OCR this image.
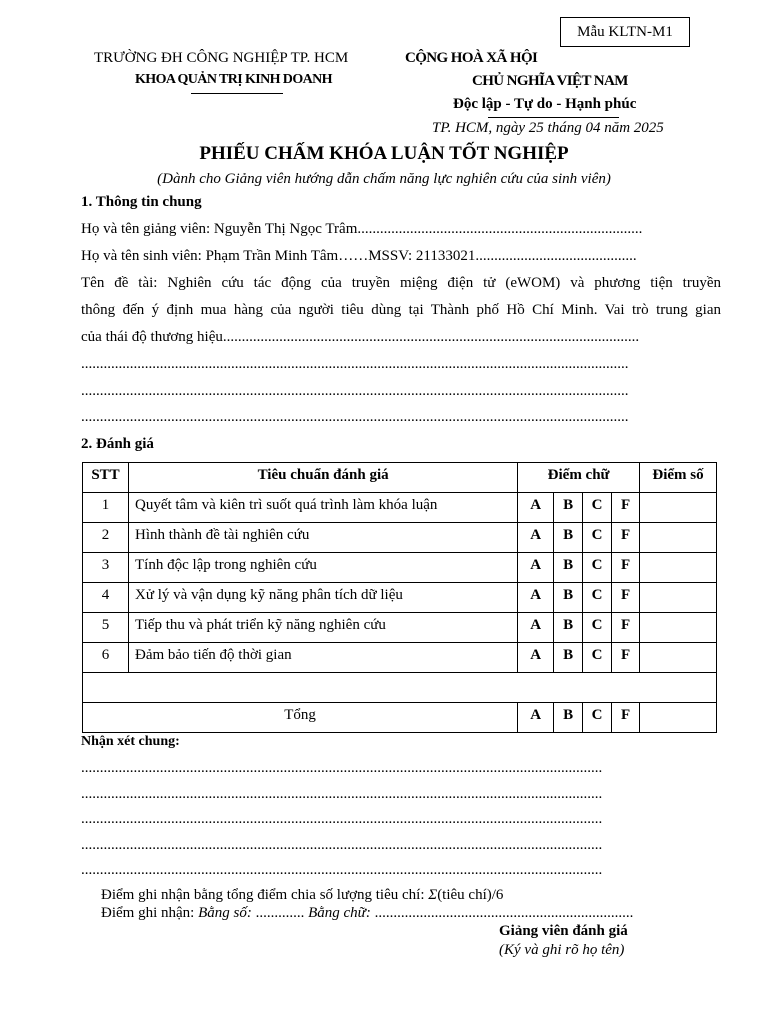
Mẫu KLTN-M1
TRƯỜNG ĐH CÔNG NGHIỆP TP. HCM
KHOA QUẢN TRỊ KINH DOANH
CỘNG HOÀ XÃ HỘI
CHỦ NGHĨA VIỆT NAM
Độc lập - Tự do - Hạnh phúc
TP. HCM, ngày 25 tháng 04 năm 2025
PHIẾU CHẤM KHÓA LUẬN TỐT NGHIỆP
(Dành cho Giảng viên hướng dẫn chấm năng lực nghiên cứu của sinh viên)
1. Thông tin chung
Họ và tên giảng viên: Nguyễn Thị Ngọc Trâm............................................................................
Họ và tên sinh viên: Phạm Trần Minh Tâm……MSSV: 21133021...........................................
Tên đề tài: Nghiên cứu tác động của truyền miệng điện tử (eWOM) và phương tiện truyền
thông đến ý định mua hàng của người tiêu dùng tại Thành phố Hồ Chí Minh. Vai trò trung gian
của thái độ thương hiệu...............................................................................................................
..................................................................................................................................................
..................................................................................................................................................
..................................................................................................................................................
2. Đánh giá
STT	Tiêu chuẩn đánh giá	Điểm chữ				Điểm số
1	Quyết tâm và kiên trì suốt quá trình làm khóa luận	A	B	C	F	
2	Hình thành đề tài nghiên cứu	A	B	C	F	
3	Tính độc lập trong nghiên cứu	A	B	C	F	
4	Xử lý và vận dụng kỹ năng phân tích dữ liệu	A	B	C	F	
5	Tiếp thu và phát triển kỹ năng nghiên cứu	A	B	C	F	
6	Đảm bảo tiến độ thời gian	A	B	C	F	

Tổng		A	B	C	F	
Nhận xét chung:
...........................................................................................................................................
...........................................................................................................................................
...........................................................................................................................................
...........................................................................................................................................
...........................................................................................................................................
Điểm ghi nhận bằng tổng điểm chia số lượng tiêu chí: Σ(tiêu chí)/6
Điểm ghi nhận: Bằng số: ............. Bằng chữ: .....................................................................
Giảng viên đánh giá
(Ký và ghi rõ họ tên)
